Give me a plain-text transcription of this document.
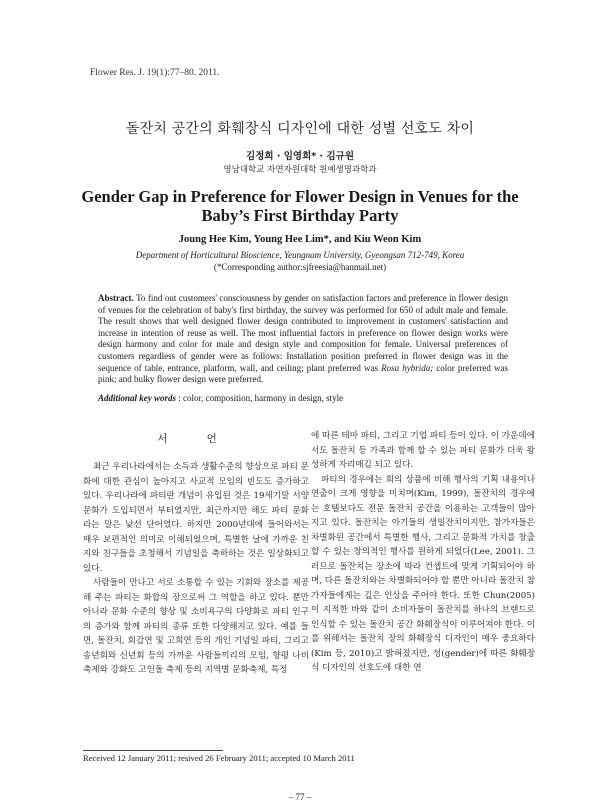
Flower Res. J. 19(1):77–80. 2011.
돌잔치 공간의 화훼장식 디자인에 대한 성별 선호도 차이
김정희 · 임영희* · 김규원
영남대학교 자연자원대학 원예생명과학과
Gender Gap in Preference for Flower Design in Venues for the Baby’s First Birthday Party
Joung Hee Kim, Young Hee Lim*, and Kiu Weon Kim
Department of Horticultural Bioscience, Yeungnam University, Gyeongsan 712-749, Korea
(*Corresponding author:sjfreesia@hanmail.net)
Abstract. To find out customers' consciousness by gender on satisfaction factors and preference in flower design of venues for the celebration of baby's first birthday, the survey was performed for 650 of adult male and female. The result shows that well designed flower design contributed to improvement in customers' satisfaction and increase in intention of reuse as well. The most influential factors in preference on flower design works were design harmony and color for male and design style and composition for female. Universal preferences of customers regardless of gender were as follows: Installation position preferred in flower design was in the sequence of table, entrance, platform, wall, and ceiling; plant preferred was Rosa hybrida; color preferred was pink; and bulky flower design were preferred.
Additional key words : color, composition, harmony in design, style
서 언

최근 우리나라에서는 소득과 생활수준의 향상으로 파티 문화에 대한 관심이 높아지고 사교적 모임의 빈도도 증가하고 있다. 우리나라에 파티란 개념이 유입된 것은 19세기말 서양 문화가 도입되면서 부터였지만, 최근까지만 해도 파티 문화라는 말은 낯선 단어였다. 하지만 2000년대에 들어와서는 매우 보편적인 의미로 이해되었으며, 특별한 날에 가까운 친지와 친구들을 초청해서 기념일을 축하하는 것은 일상화되고 있다.

사람들이 만나고 서로 소통할 수 있는 기회와 장소를 제공해 주는 파티는 화합의 장으로써 그 역할을 하고 있다. 뿐만 아니라 문화 수준의 향상 및 소비욕구의 다양화로 파티 인구의 증가와 함께 파티의 종류 또한 다양해지고 있다. 예를 들면, 돌잔치, 회갑연 및 고희연 등의 개인 기념일 파티, 그리고 송년회와 신년회 등의 가까운 사람들끼리의 모임, 향평 나비 축제와 강화도 고인돌 축제 등의 지역별 문화축제, 특정

에 따른 테마 파티, 그리고 기업 파티 등이 있다. 이 가운데에서도 돌잔치 등 가족과 함께 할 수 있는 파티 문화가 더욱 왕성하게 자리매김 되고 있다.

파티의 경우에는 회의 상품에 비해 행사의 기획 내용이나 연출이 크게 영향을 미치며(Kim, 1999), 돌잔치의 경우에는 호텔보다도 전문 돌잔치 공간을 이용하는 고객들이 많아지고 있다. 돌잔치는 아기들의 생일잔치이지만, 참가자들은 차별화된 공간에서 특별한 행사, 그리고 문화적 가치를 창출할 수 있는 창의적인 행사를 원하게 되었다(Lee, 2001). 그러므로 돌잔치는 장소에 따라 컨셉트에 맞게 기획되어야 하며, 다른 돌잔치와는 차별화되어야 할 뿐만 아니라 돌잔치 참가자들에게는 깊은 인상을 주어야 한다. 또한 Chun(2005)이 지적한 바와 같이 소비자들이 돌잔치를 하나의 브랜드로 인식할 수 있는 돌잔치 공간 화훼장식이 이루어져야 한다. 이를 위해서는 돌잔치 장의 화훼장식 디자인이 매우 중요하다(Kim 등, 2010)고 밝혀졌지만, 성(gender)에 따른 화훼장식 디자인의 선호도에 대한 연

Received 12 January 2011; resived 26 February 2011; accepted 10 March 2011
– 77 –
